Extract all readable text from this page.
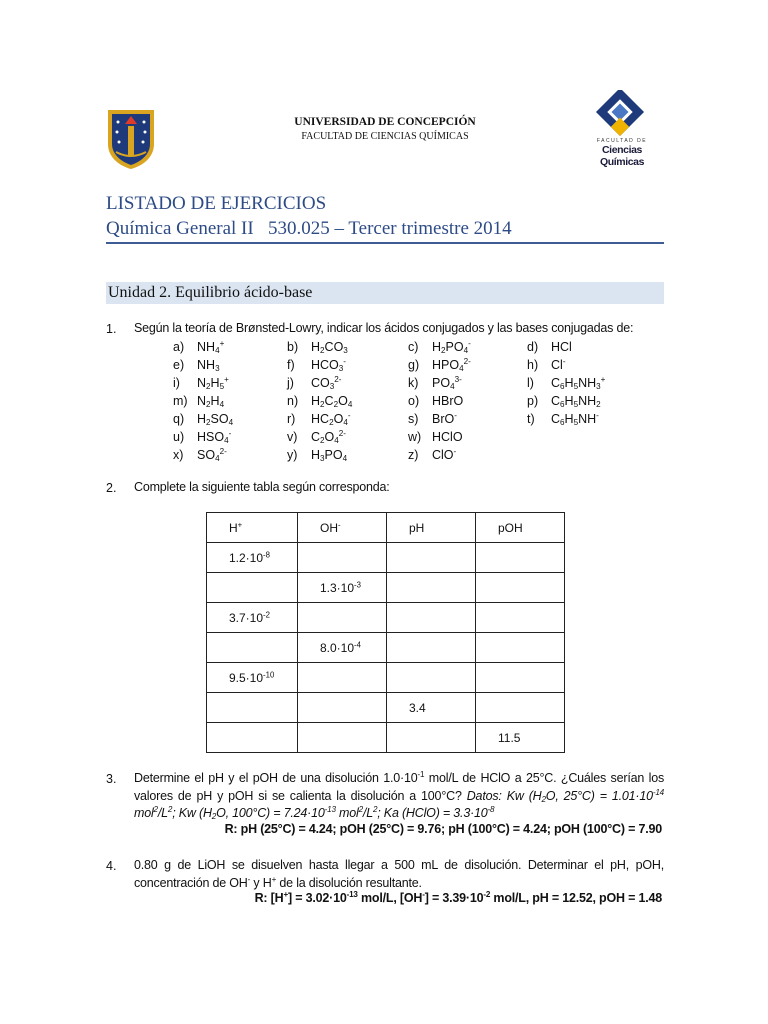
UNIVERSIDAD DE CONCEPCIÓN
FACULTAD DE CIENCIAS QUÍMICAS	FACULTAD DE
Ciencias Químicas
LISTADO DE EJERCICIOS
Química General II   530.025 – Tercer trimestre 2014
Unidad 2. Equilibrio ácido-base
1. Según la teoría de Brønsted-Lowry, indicar los ácidos conjugados y las bases conjugadas de:
a) $NH_4^+$	b) $H_2CO_3$	c) $H_2PO_4^-$	d) HCl
e) $NH_3$	f) $HCO_3^-$	g) $HPO_4^{2-}$	h) Cl-
i) $N_2H_5^+$	j) $CO_3^{2-}$	k) $PO_4^{3-}$	l) $C_6H_5NH_3^+$
m) $N_2H_4$	n) $H_2C_2O_4$	o) HBrO	p) $C_6H_5NH_2$
q) $H_2SO_4$	r) $HC_2O_4^-$	s) BrO-	t) $C_6H_5NH^-$
u) $HSO_4^-$	v) $C_2O_4^{2-}$	w) HClO
x) $SO_4^{2-}$	y) $H_3PO_4$	z) ClO-
2. Complete la siguiente tabla según corresponda:
H+	OH-	pH	pOH
$1.2\cdot 10^{-8}$			
	$1.3\cdot 10^{-3}$		
$3.7\cdot 10^{-2}$			
	$8.0\cdot 10^{-4}$		
$9.5\cdot 10^{-10}$			
		3.4	
			11.5
3. Determine el pH y el pOH de una disolución $1.0\cdot 10^{-1}$ mol/L de HClO a 25°C. ¿Cuáles serían los valores de pH y pOH si se calienta la disolución a 100°C? Datos: Kw ($H_2O$, $25^\circ C) = 1.01\cdot 10^{-14}$ $mol^2/L^2$; Kw ($H_2O$, $100^\circ C) = 7.24\cdot 10^{-13}$ $mol^2/L^2$; Ka (HClO) = $3.3\cdot 10^{-8}$
R: pH (25°C) = 4.24; pOH (25°C) = 9.76; pH (100°C) = 4.24; pOH (100°C) = 7.90
4. 0.80 g de LiOH se disuelven hasta llegar a 500 mL de disolución. Determinar el pH, pOH, concentración de OH- y H+ de la disolución resultante.
R: $[H^+] = 3.02\cdot 10^{-13}$ mol/L, $[OH^-] = 3.39\cdot 10^{-2}$ mol/L, pH = 12.52, pOH = 1.48
